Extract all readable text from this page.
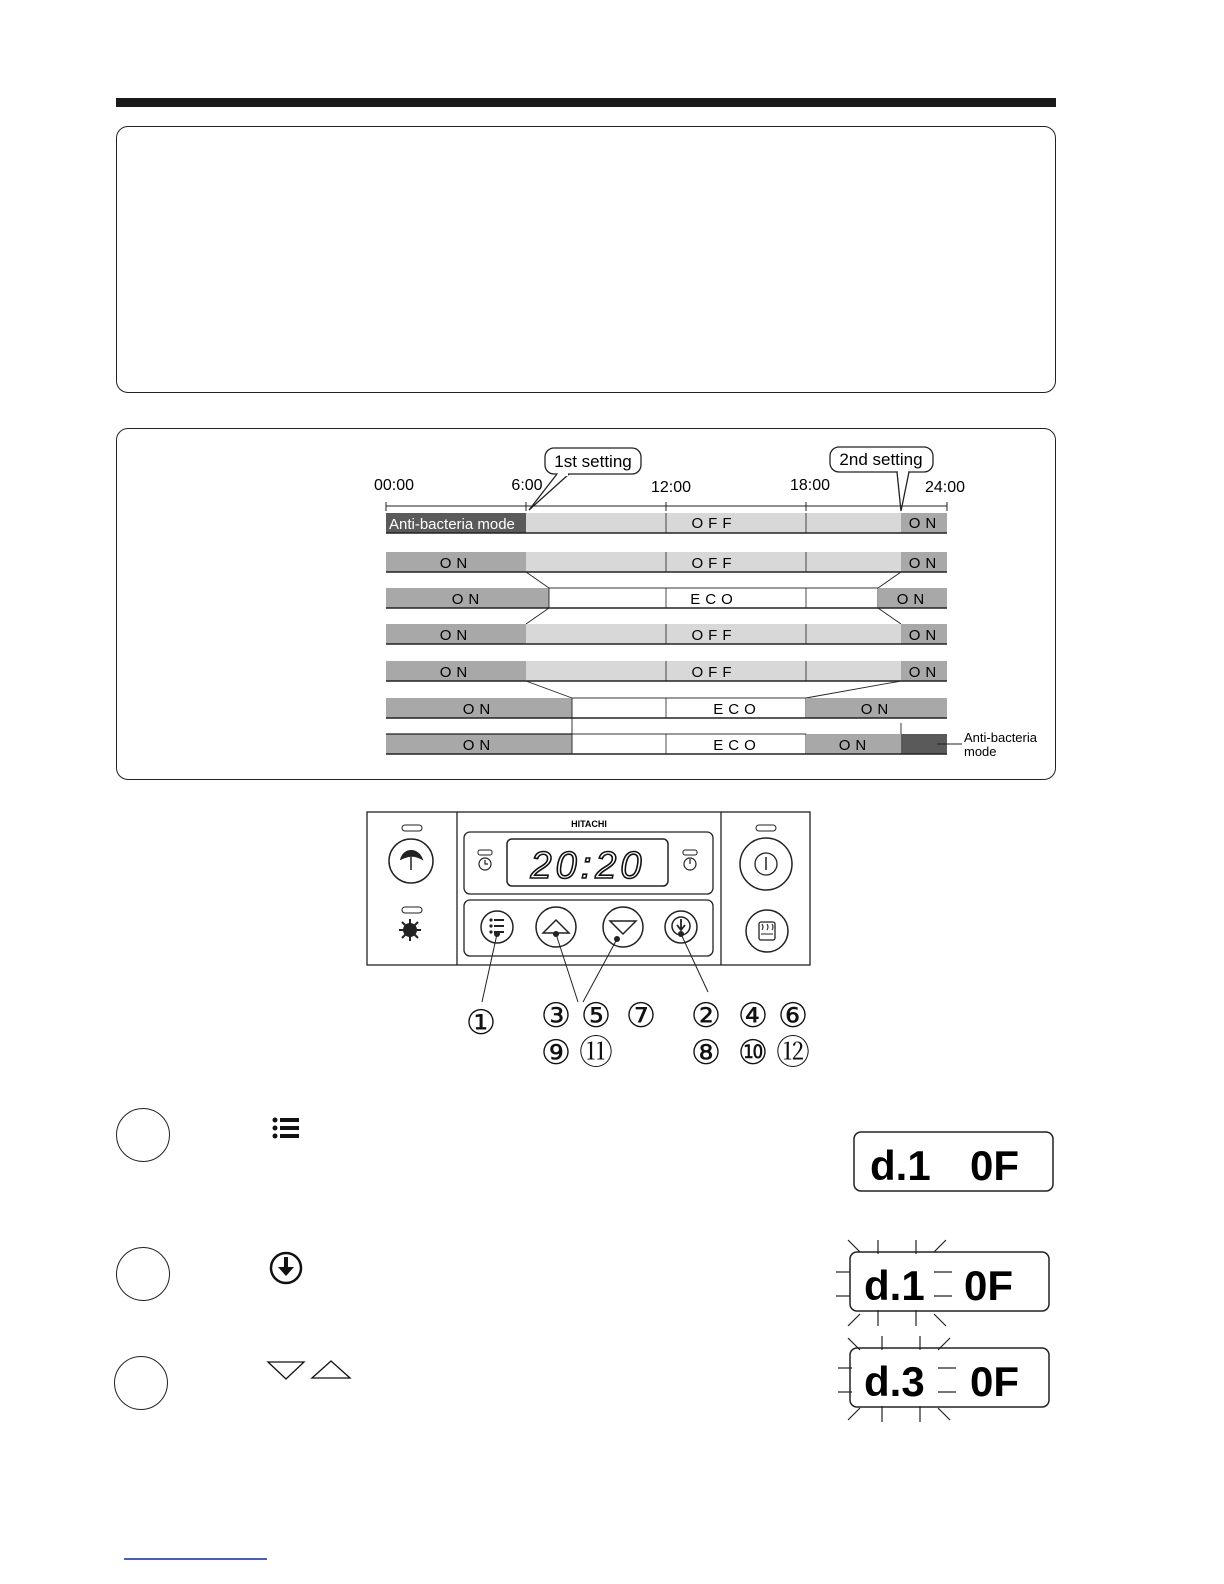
1st setting	2nd setting
00:00	6:00	12:00	18:00	24:00
Anti-bacteria mode	OFF	ON
ON	OFF	ON
ON	ECO	ON
ON	OFF	ON
ON	OFF	ON
ON	ECO	ON
ON	ECO	ON	Anti-bacteria
mode
HITACHI
20:20
① ③ ⑤ ⑦
⑨ ⑪
② ④ ⑥
⑧ ⑩ ⑫
d.1 0F
d.1 0F
d.3 0F
